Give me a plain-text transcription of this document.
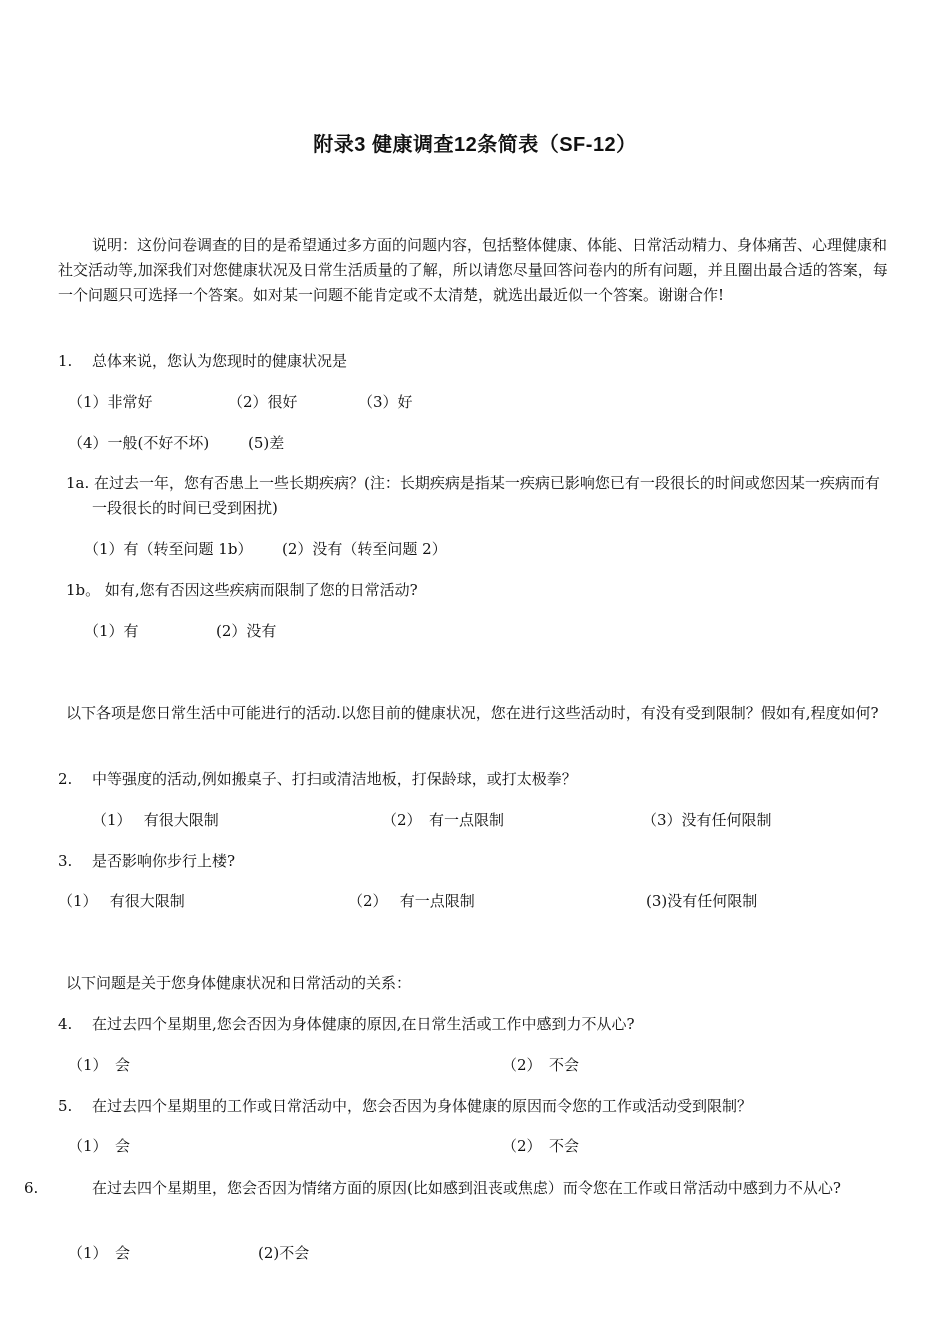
附录3 健康调查12条简表（SF-12）
说明：这份问卷调查的目的是希望通过多方面的问题内容，包括整体健康、体能、日常活动精力、身体痛苦、心理健康和社交活动等,加深我们对您健康状况及日常生活质量的了解，所以请您尽量回答问卷内的所有问题，并且圈出最合适的答案，每一个问题只可选择一个答案。如对某一问题不能肯定或不太清楚，就选出最近似一个答案。谢谢合作!
1. 总体来说，您认为您现时的健康状况是
（1）非常好	（2）很好	（3）好
（4）一般(不好不坏)	(5)差
1a. 在过去一年，您有否患上一些长期疾病？(注：长期疾病是指某一疾病已影响您已有一段很长的时间或您因某一疾病而有一段很长的时间已受到困扰)
（1）有（转至问题 1b） (2）没有（转至问题 2）
1b。 如有,您有否因这些疾病而限制了您的日常活动?
（1）有	(2）没有
以下各项是您日常生活中可能进行的活动.以您目前的健康状况，您在进行这些活动时，有没有受到限制？假如有,程度如何?
2. 中等强度的活动,例如搬桌子、打扫或清洁地板，打保龄球，或打太极拳？
（1）　 有很大限制	（2）　有一点限制	（3）没有任何限制
3. 是否影响你步行上楼?
（1）　 有很大限制	（2）　 有一点限制	(3)没有任何限制
以下问题是关于您身体健康状况和日常活动的关系：
4. 在过去四个星期里,您会否因为身体健康的原因,在日常生活或工作中感到力不从心?
（1）　会	（2）　不会
5. 在过去四个星期里的工作或日常活动中，您会否因为身体健康的原因而令您的工作或活动受到限制？
（1）　会	（2）　不会
6.	在过去四个星期里，您会否因为情绪方面的原因(比如感到沮丧或焦虑）而令您在工作或日常活动中感到力不从心?
（1）　会	(2)不会
